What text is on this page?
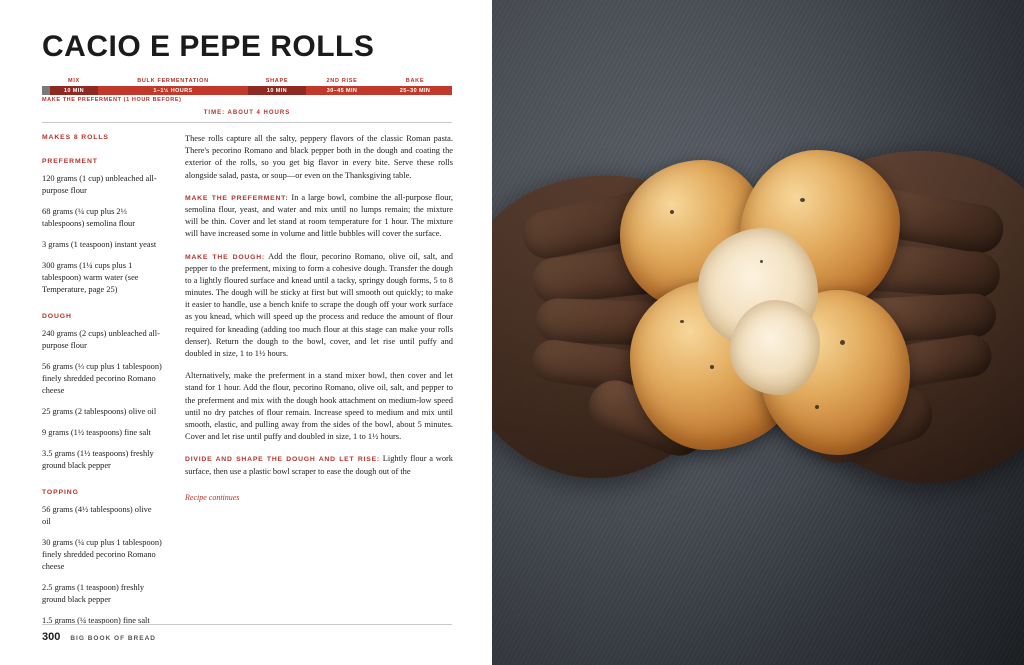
CACIO E PEPE ROLLS
MIX	BULK FERMENTATION	SHAPE	2ND RISE	BAKE
10 MIN	1–1½ HOURS	10 MIN	30–45 MIN	25–30 MIN
MAKE THE PREFERMENT (1 HOUR BEFORE)
TIME: ABOUT 4 HOURS
MAKES 8 ROLLS
PREFERMENT
120 grams (1 cup) unbleached all-purpose flour
68 grams (¼ cup plus 2⅓ tablespoons) semolina flour
3 grams (1 teaspoon) instant yeast
300 grams (1¼ cups plus 1 tablespoon) warm water (see Temperature, page 25)
DOUGH
240 grams (2 cups) unbleached all-purpose flour
56 grams (⅓ cup plus 1 tablespoon) finely shredded pecorino Romano cheese
25 grams (2 tablespoons) olive oil
9 grams (1½ teaspoons) fine salt
3.5 grams (1½ teaspoons) freshly ground black pepper
TOPPING
56 grams (4½ tablespoons) olive oil
30 grams (¼ cup plus 1 tablespoon) finely shredded pecorino Romano cheese
2.5 grams (1 teaspoon) freshly ground black pepper
1.5 grams (¼ teaspoon) fine salt

These rolls capture all the salty, peppery flavors of the classic Roman pasta. There's pecorino Romano and black pepper both in the dough and coating the exterior of the rolls, so you get big flavor in every bite. Serve these rolls alongside salad, pasta, or soup—or even on the Thanksgiving table.

MAKE THE PREFERMENT: In a large bowl, combine the all-purpose flour, semolina flour, yeast, and water and mix until no lumps remain; the mixture will be thin. Cover and let stand at room temperature for 1 hour. The mixture will have increased some in volume and little bubbles will cover the surface.

MAKE THE DOUGH: Add the flour, pecorino Romano, olive oil, salt, and pepper to the preferment, mixing to form a cohesive dough. Transfer the dough to a lightly floured surface and knead until a tacky, springy dough forms, 5 to 8 minutes. The dough will be sticky at first but will smooth out quickly; to make it easier to handle, use a bench knife to scrape the dough off your work surface as you knead, which will speed up the process and reduce the amount of flour required for kneading (adding too much flour at this stage can make your rolls denser). Return the dough to the bowl, cover, and let rise until puffy and doubled in size, 1 to 1½ hours.

Alternatively, make the preferment in a stand mixer bowl, then cover and let stand for 1 hour. Add the flour, pecorino Romano, olive oil, salt, and pepper to the preferment and mix with the dough hook attachment on medium-low speed until no dry patches of flour remain. Increase speed to medium and mix until smooth, elastic, and pulling away from the sides of the bowl, about 5 minutes. Cover and let rise until puffy and doubled in size, 1 to 1½ hours.

DIVIDE AND SHAPE THE DOUGH AND LET RISE: Lightly flour a work surface, then use a plastic bowl scraper to ease the dough out of the

Recipe continues
300 BIG BOOK OF BREAD
